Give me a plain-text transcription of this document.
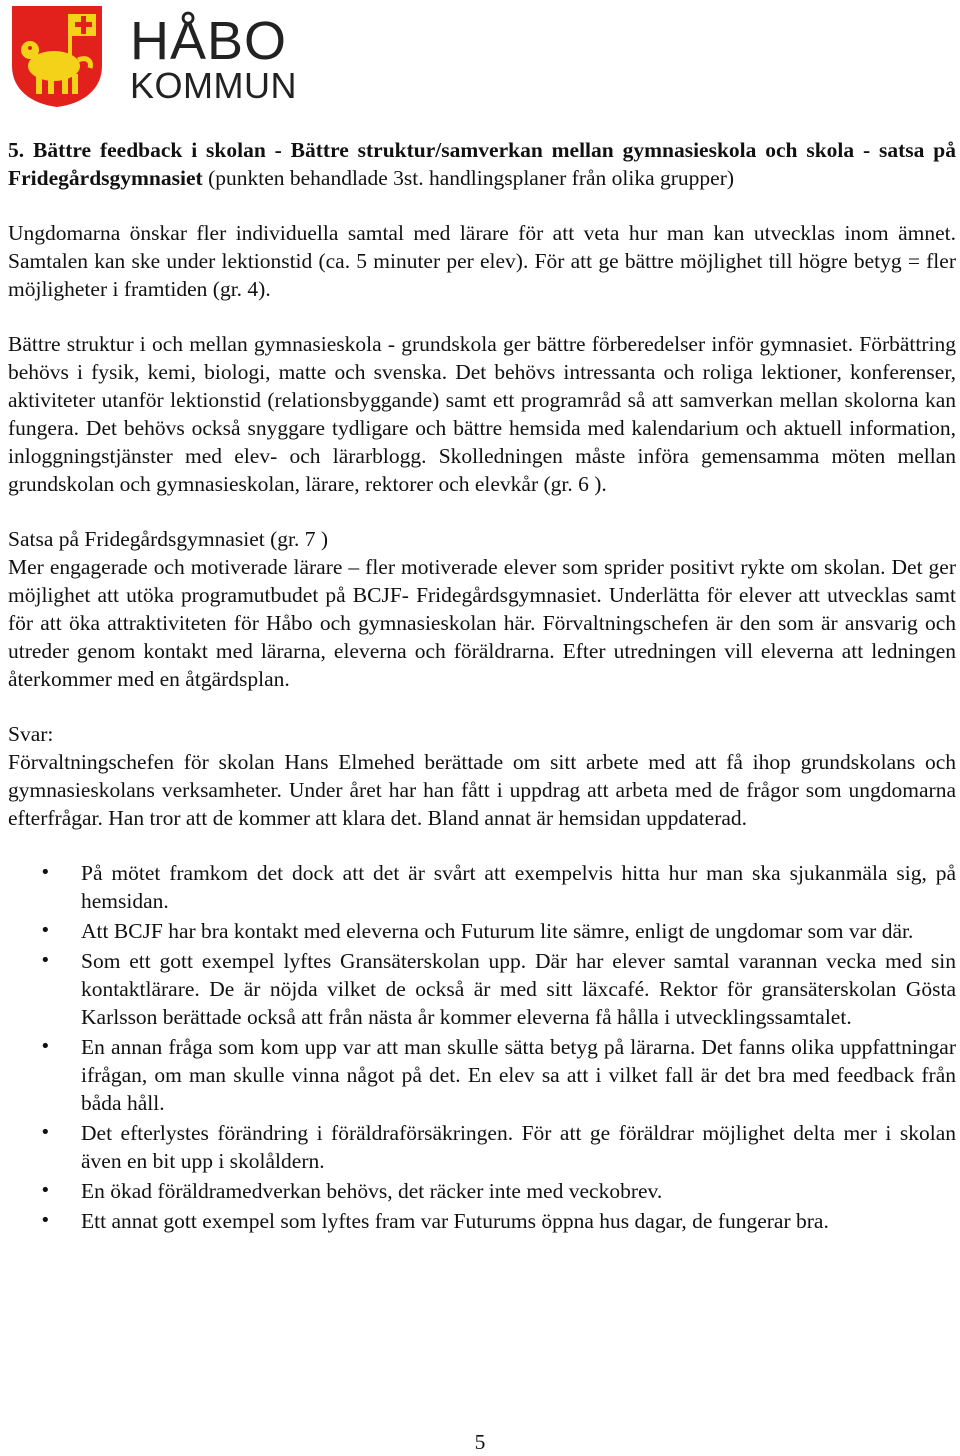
HÅBO
KOMMUN

5. Bättre feedback i skolan - Bättre struktur/samverkan mellan gymnasieskola och skola - satsa på Fridegårdsgymnasiet (punkten behandlade 3st. handlingsplaner från olika grupper)

Ungdomarna önskar fler individuella samtal med lärare för att veta hur man kan utvecklas inom ämnet. Samtalen kan ske under lektionstid (ca. 5 minuter per elev). För att ge bättre möjlighet till högre betyg = fler möjligheter i framtiden (gr. 4).

Bättre struktur i och mellan gymnasieskola - grundskola ger bättre förberedelser inför gymnasiet. Förbättring behövs i fysik, kemi, biologi, matte och svenska. Det behövs intressanta och roliga lektioner, konferenser, aktiviteter utanför lektionstid (relationsbyggande) samt ett programråd så att samverkan mellan skolorna kan fungera. Det behövs också snyggare tydligare och bättre hemsida med kalendarium och aktuell information, inloggningstjänster med elev- och lärarblogg. Skolledningen måste införa gemensamma möten mellan grundskolan och gymnasieskolan, lärare, rektorer och elevkår (gr. 6 ).

Satsa på Fridegårdsgymnasiet (gr. 7 )

Mer engagerade och motiverade lärare – fler motiverade elever som sprider positivt rykte om skolan. Det ger möjlighet att utöka programutbudet på BCJF- Fridegårdsgymnasiet. Underlätta för elever att utvecklas samt för att öka attraktiviteten för Håbo och gymnasieskolan här. Förvaltningschefen är den som är ansvarig och utreder genom kontakt med lärarna, eleverna och föräldrarna. Efter utredningen vill eleverna att ledningen återkommer med en åtgärdsplan.

Svar:

Förvaltningschefen för skolan Hans Elmehed berättade om sitt arbete med att få ihop grundskolans och gymnasieskolans verksamheter. Under året har han fått i uppdrag att arbeta med de frågor som ungdomarna efterfrågar. Han tror att de kommer att klara det. Bland annat är hemsidan uppdaterad.

• På mötet framkom det dock att det är svårt att exempelvis hitta hur man ska sjukanmäla sig, på hemsidan.
• Att BCJF har bra kontakt med eleverna och Futurum lite sämre, enligt de ungdomar som var där.
• Som ett gott exempel lyftes Gransäterskolan upp. Där har elever samtal varannan vecka med sin kontaktlärare. De är nöjda vilket de också är med sitt läxcafé. Rektor för gransäterskolan Gösta Karlsson berättade också att från nästa år kommer eleverna få hålla i utvecklingssamtalet.
• En annan fråga som kom upp var att man skulle sätta betyg på lärarna. Det fanns olika uppfattningar ifrågan, om man skulle vinna något på det. En elev sa att i vilket fall är det bra med feedback från båda håll.
• Det efterlystes förändring i föräldraförsäkringen. För att ge föräldrar möjlighet delta mer i skolan även en bit upp i skolåldern.
• En ökad föräldramedverkan behövs, det räcker inte med veckobrev.
• Ett annat gott exempel som lyftes fram var Futurums öppna hus dagar, de fungerar bra.
5
